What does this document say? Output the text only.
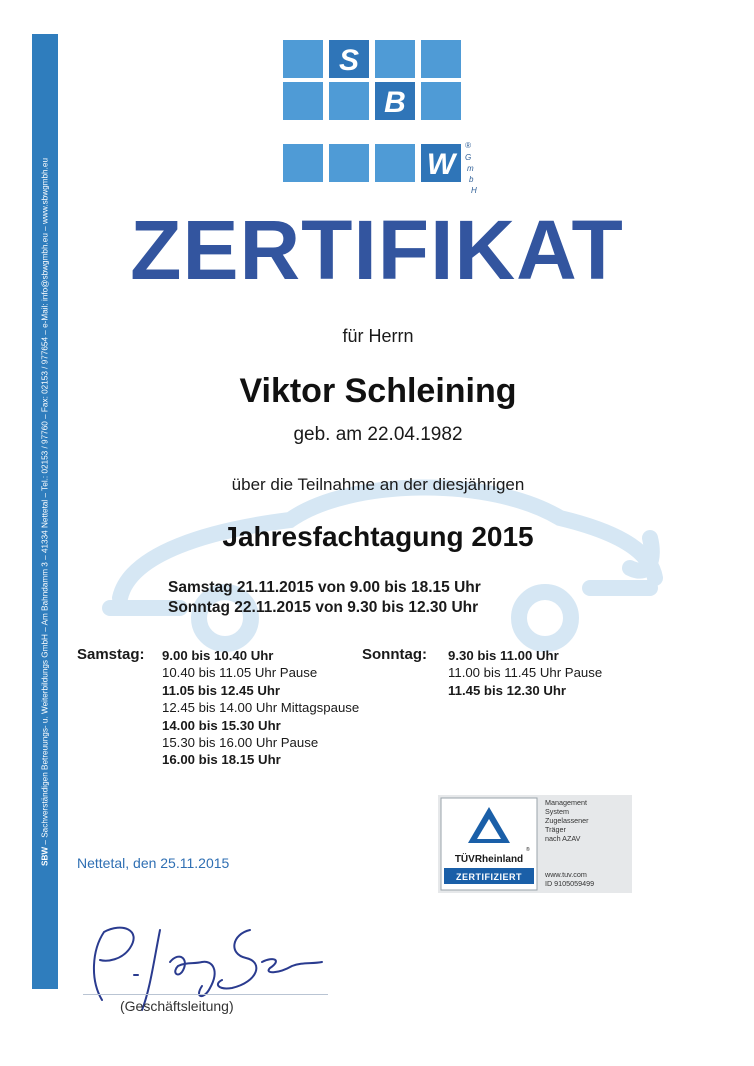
SBW – Sachverständigen Betreuungs- u. Weiterbildungs GmbH – Am Bahndamm 3 – 41334 Nettetal – Tel.: 02153 / 97760 – Fax: 02153 / 977654 – e-Mail: info@sbwgmbh.eu – www.sbwgmbh.eu
S
B
W
®
G
m
b
H
ZERTIFIKAT
für Herrn
Viktor Schleining
geb. am 22.04.1982
über die Teilnahme an der diesjährigen
Jahresfachtagung 2015
Samstag 21.11.2015 von 9.00 bis 18.15 Uhr
Sonntag 22.11.2015 von 9.30 bis 12.30 Uhr
Samstag: 9.00 bis 10.40 Uhr
10.40 bis 11.05 Uhr Pause
11.05 bis 12.45 Uhr
12.45 bis 14.00 Uhr Mittagspause
14.00 bis 15.30 Uhr
15.30 bis 16.00 Uhr Pause
16.00 bis 18.15 Uhr
Sonntag: 9.30 bis 11.00 Uhr
11.00 bis 11.45 Uhr Pause
11.45 bis 12.30 Uhr
®
TÜVRheinland
ZERTIFIZIERT
Management
System
Zugelassener
Träger
nach AZAV
www.tuv.com
ID 9105059499
Nettetal, den 25.11.2015
(Geschäftsleitung)
